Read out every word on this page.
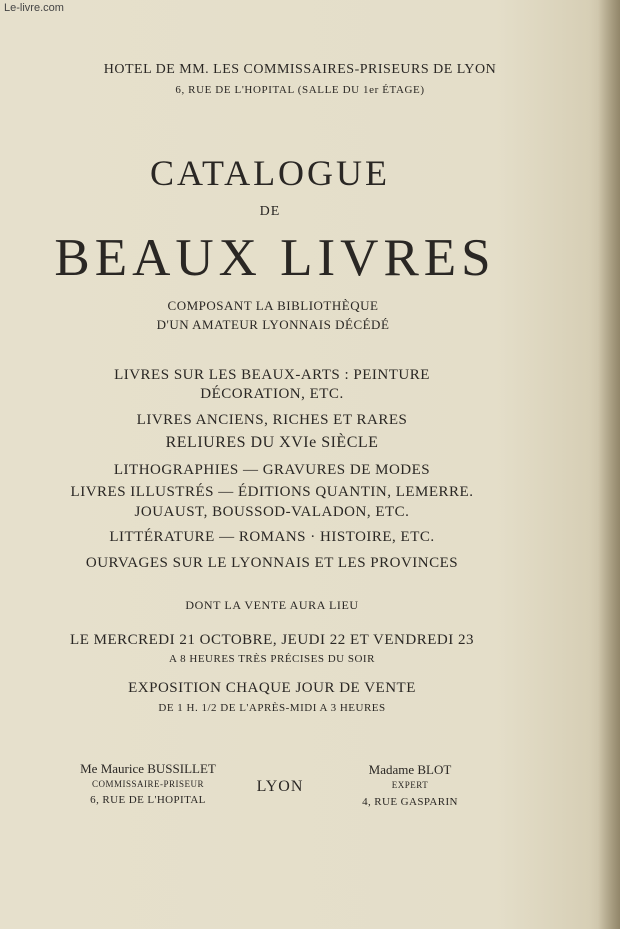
Le-livre.com
HOTEL DE MM. LES COMMISSAIRES-PRISEURS DE LYON
6, RUE DE L'HOPITAL (SALLE DU 1er ÉTAGE)
CATALOGUE
DE
BEAUX LIVRES
COMPOSANT LA BIBLIOTHÈQUE
D'UN AMATEUR LYONNAIS DÉCÉDÉ
LIVRES SUR LES BEAUX-ARTS : PEINTURE
DÉCORATION, ETC.
LIVRES ANCIENS, RICHES ET RARES
RELIURES DU XVIe SIÈCLE
LITHOGRAPHIES — GRAVURES DE MODES
LIVRES ILLUSTRÉS — ÉDITIONS QUANTIN, LEMERRE.
JOUAUST, BOUSSOD-VALADON, ETC.
LITTÉRATURE — ROMANS · HISTOIRE, ETC.
OURVAGES SUR LE LYONNAIS ET LES PROVINCES
DONT LA VENTE AURA LIEU
LE MERCREDI 21 OCTOBRE, JEUDI 22 ET VENDREDI 23
A 8 HEURES TRÈS PRÉCISES DU SOIR
EXPOSITION CHAQUE JOUR DE VENTE
DE 1 H. 1/2 DE L'APRÈS-MIDI A 3 HEURES
Me Maurice BUSSILLET
COMMISSAIRE-PRISEUR
6, RUE DE L'HOPITAL
LYON
Madame BLOT
EXPERT
4, RUE GASPARIN
